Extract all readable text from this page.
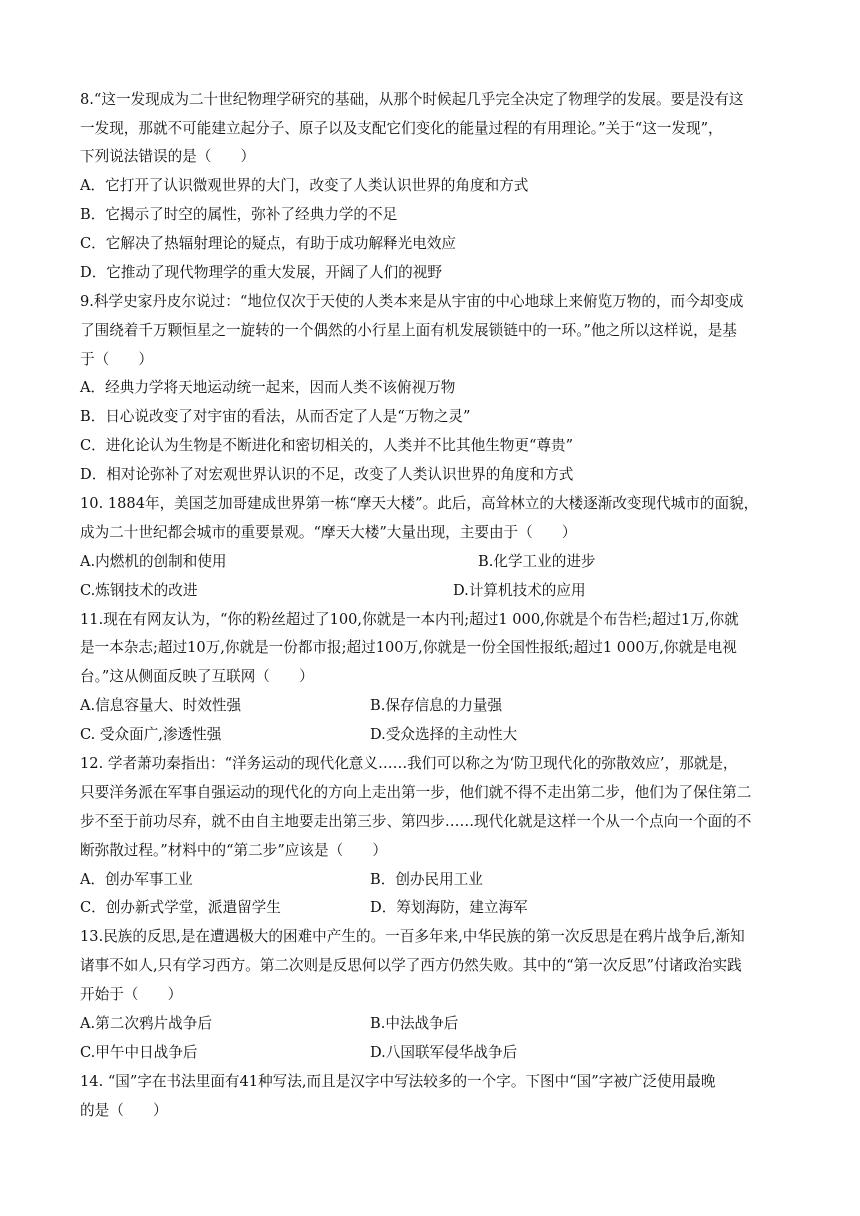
8.“这一发现成为二十世纪物理学研究的基础，从那个时候起几乎完全决定了物理学的发展。要是没有这
一发现，那就不可能建立起分子、原子以及支配它们变化的能量过程的有用理论。”关于“这一发现”，
下列说法错误的是（　　）
A．它打开了认识微观世界的大门，改变了人类认识世界的角度和方式
B．它揭示了时空的属性，弥补了经典力学的不足
C．它解决了热辐射理论的疑点，有助于成功解释光电效应
D．它推动了现代物理学的重大发展，开阔了人们的视野
9.科学史家丹皮尔说过：“地位仅次于天使的人类本来是从宇宙的中心地球上来俯览万物的，而今却变成
了围绕着千万颗恒星之一旋转的一个偶然的小行星上面有机发展锁链中的一环。”他之所以这样说，是基
于（　　）
A．经典力学将天地运动统一起来，因而人类不该俯视万物
B．日心说改变了对宇宙的看法，从而否定了人是“万物之灵”
C．进化论认为生物是不断进化和密切相关的，人类并不比其他生物更“尊贵”
D．相对论弥补了对宏观世界认识的不足，改变了人类认识世界的角度和方式
10. 1884年，美国芝加哥建成世界第一栋“摩天大楼”。此后，高耸林立的大楼逐渐改变现代城市的面貌，
成为二十世纪都会城市的重要景观。“摩天大楼”大量出现，主要由于（　　）
A.内燃机的创制和使用	B.化学工业的进步
C.炼钢技术的改进	D.计算机技术的应用
11.现在有网友认为，“你的粉丝超过了100,你就是一本内刊;超过1 000,你就是个布告栏;超过1万,你就
是一本杂志;超过10万,你就是一份都市报;超过100万,你就是一份全国性报纸;超过1 000万,你就是电视
台。”这从侧面反映了互联网（　　）
A.信息容量大、时效性强	B.保存信息的力量强
C. 受众面广,渗透性强	D.受众选择的主动性大
12. 学者萧功秦指出：“洋务运动的现代化意义……我们可以称之为‘防卫现代化的弥散效应’，那就是，
只要洋务派在军事自强运动的现代化的方向上走出第一步，他们就不得不走出第二步，他们为了保住第二
步不至于前功尽弃，就不由自主地要走出第三步、第四步……现代化就是这样一个从一个点向一个面的不
断弥散过程。”材料中的“第二步”应该是（　　）
A．创办军事工业	B．创办民用工业
C．创办新式学堂，派遣留学生	D．筹划海防，建立海军
13.民族的反思,是在遭遇极大的困难中产生的。一百多年来,中华民族的第一次反思是在鸦片战争后,渐知
诸事不如人,只有学习西方。第二次则是反思何以学了西方仍然失败。其中的“第一次反思”付诸政治实践
开始于（　　）
A.第二次鸦片战争后	B.中法战争后
C.甲午中日战争后	D.八国联军侵华战争后
14. “国”字在书法里面有41种写法,而且是汉字中写法较多的一个字。下图中“国”字被广泛使用最晚
的是（　　）
